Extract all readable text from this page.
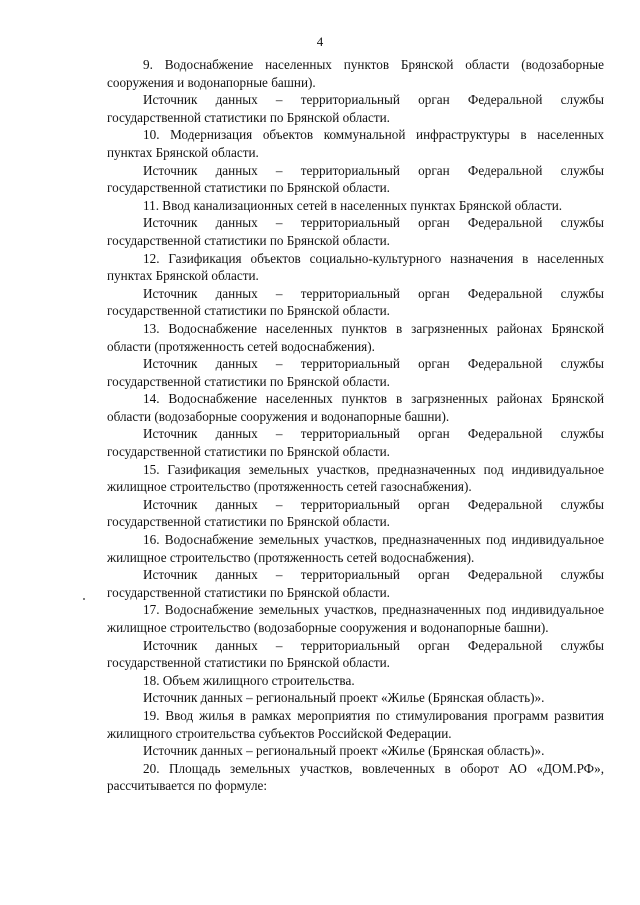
4

9. Водоснабжение населенных пунктов Брянской области (водозаборные сооружения и водонапорные башни).

Источник данных – территориальный орган Федеральной службы государственной статистики по Брянской области.

10. Модернизация объектов коммунальной инфраструктуры в населенных пунктах Брянской области.

Источник данных – территориальный орган Федеральной службы государственной статистики по Брянской области.

11. Ввод канализационных сетей в населенных пунктах Брянской области.

Источник данных – территориальный орган Федеральной службы государственной статистики по Брянской области.

12. Газификация объектов социально-культурного назначения в населенных пунктах Брянской области.

Источник данных – территориальный орган Федеральной службы государственной статистики по Брянской области.

13. Водоснабжение населенных пунктов в загрязненных районах Брянской области (протяженность сетей водоснабжения).

Источник данных – территориальный орган Федеральной службы государственной статистики по Брянской области.

14. Водоснабжение населенных пунктов в загрязненных районах Брянской области (водозаборные сооружения и водонапорные башни).

Источник данных – территориальный орган Федеральной службы государственной статистики по Брянской области.

15. Газификация земельных участков, предназначенных под индивидуальное жилищное строительство (протяженность сетей газоснабжения).

Источник данных – территориальный орган Федеральной службы государственной статистики по Брянской области.

16. Водоснабжение земельных участков, предназначенных под индивидуальное жилищное строительство (протяженность сетей водоснабжения).

Источник данных – территориальный орган Федеральной службы государственной статистики по Брянской области.

17. Водоснабжение земельных участков, предназначенных под индивидуальное жилищное строительство (водозаборные сооружения и водонапорные башни).

Источник данных – территориальный орган Федеральной службы государственной статистики по Брянской области.

18. Объем жилищного строительства.

Источник данных – региональный проект «Жилье (Брянская область)».

19. Ввод жилья в рамках мероприятия по стимулирования программ развития жилищного строительства субъектов Российской Федерации.

Источник данных – региональный проект «Жилье (Брянская область)».

20. Площадь земельных участков, вовлеченных в оборот АО «ДОМ.РФ», рассчитывается по формуле:
